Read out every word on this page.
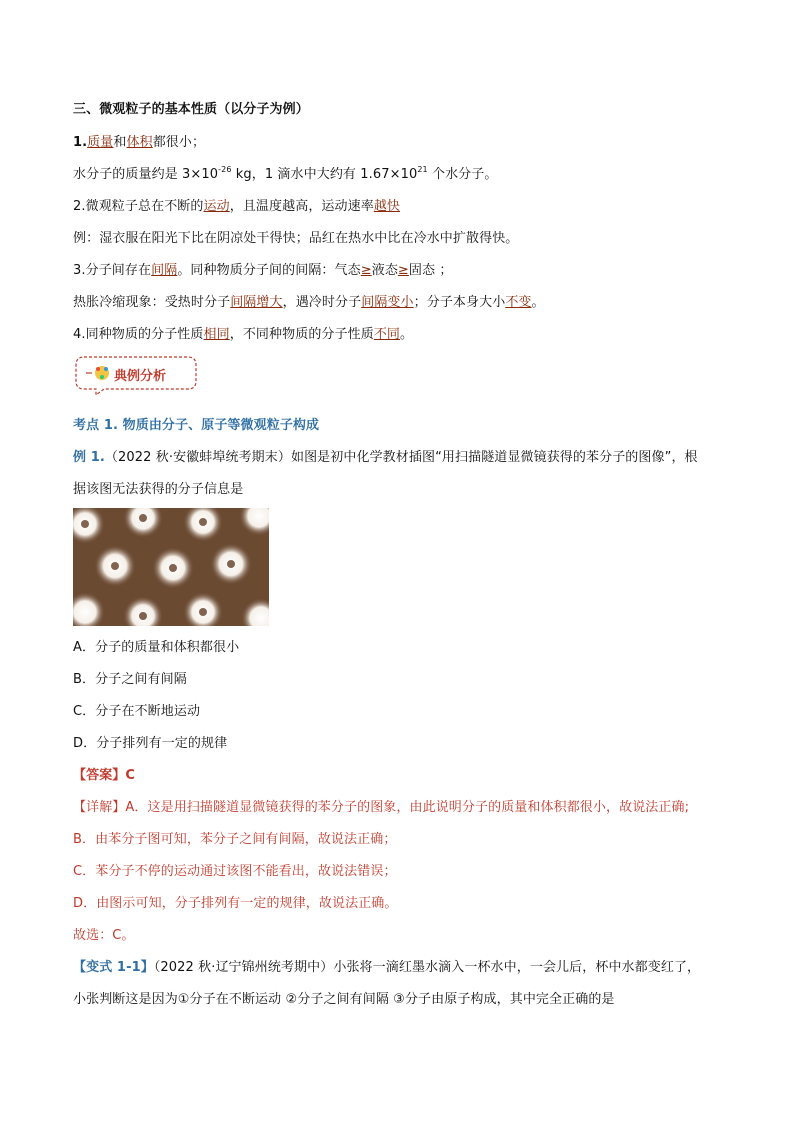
三、微观粒子的基本性质（以分子为例）
1.质量和体积都很小；
水分子的质量约是 $3\times 10^{-26}$ kg，1 滴水中大约有 $1.67\times 10^{21}$ 个水分子。
2.微观粒子总在不断的运动，且温度越高，运动速率越快
例：湿衣服在阳光下比在阴凉处干得快；品红在热水中比在冷水中扩散得快。
3.分子间存在间隔。同种物质分子间的间隔：气态≥液态≥固态 ；
热胀冷缩现象：受热时分子间隔增大，遇冷时分子间隔变小；分子本身大小不变。
4.同种物质的分子性质相同，不同种物质的分子性质不同。
典例分析
考点 1. 物质由分子、原子等微观粒子构成
例 1.（2022 秋·安徽蚌埠统考期末）如图是初中化学教材插图“用扫描隧道显微镜获得的苯分子的图像”，根
据该图无法获得的分子信息是
A．分子的质量和体积都很小
B．分子之间有间隔
C．分子在不断地运动
D．分子排列有一定的规律
【答案】C
【详解】A．这是用扫描隧道显微镜获得的苯分子的图象，由此说明分子的质量和体积都很小，故说法正确;
B．由苯分子图可知，苯分子之间有间隔，故说法正确；
C．苯分子不停的运动通过该图不能看出，故说法错误；
D．由图示可知，分子排列有一定的规律，故说法正确。
故选：C。
【变式 1-1】（2022 秋·辽宁锦州统考期中）小张将一滴红墨水滴入一杯水中，一会儿后，杯中水都变红了，
小张判断这是因为①分子在不断运动 ②分子之间有间隔 ③分子由原子构成，其中完全正确的是
